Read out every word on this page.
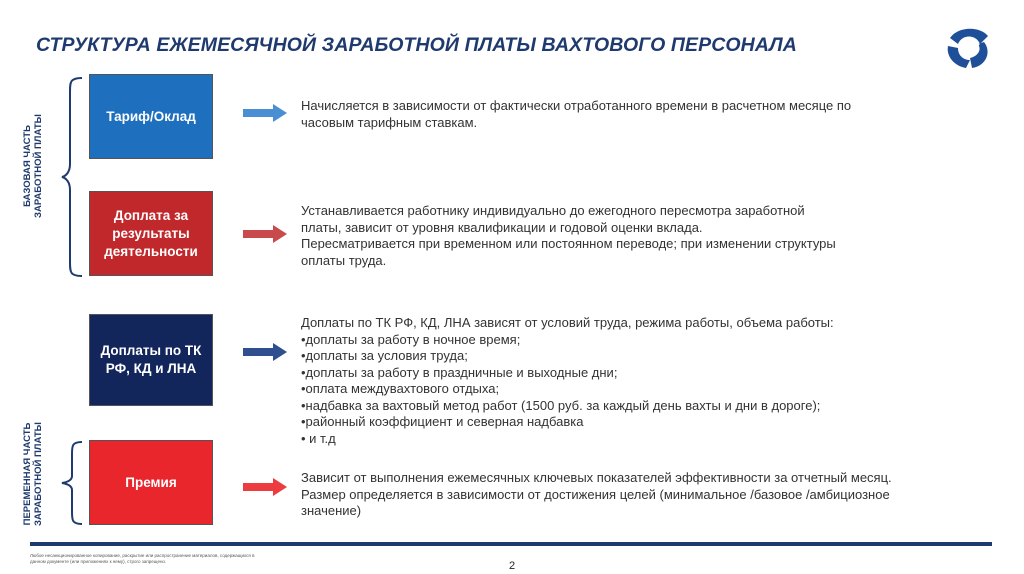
СТРУКТУРА ЕЖЕМЕСЯЧНОЙ ЗАРАБОТНОЙ ПЛАТЫ ВАХТОВОГО ПЕРСОНАЛА
БАЗОВАЯ ЧАСТЬ ЗАРАБОТНОЙ ПЛАТЫ
ПЕРЕМЕННАЯ ЧАСТЬ ЗАРАБОТНОЙ ПЛАТЫ
Тариф/Оклад
Доплата за результаты деятельности
Доплаты по ТК РФ, КД и ЛНА
Премия

Начисляется в зависимости от фактически отработанного времени в расчетном месяце по

часовым тарифным ставкам.

Устанавливается работнику индивидуально до ежегодного пересмотра заработной

платы, зависит от уровня квалификации и годовой оценки вклада.

Пересматривается при временном или постоянном переводе; при изменении структуры

оплаты труда.

Доплаты по ТК РФ, КД, ЛНА зависят от условий труда, режима работы, объема работы:

•доплаты за работу в ночное время;

•доплаты за условия труда;

•доплаты за работу в праздничные и выходные дни;

•оплата междувахтового отдыха;

•надбавка за вахтовый метод работ (1500 руб. за каждый день вахты и дни в дороге);

•районный коэффициент и северная надбавка

• и т.д

Зависит от выполнения ежемесячных ключевых показателей эффективности за отчетный месяц.

Размер определяется в зависимости от достижения целей (минимальное /базовое /амбициозное

значение)

Любое несанкционированное копирование, раскрытие или распространение материалов, содержащихся в данном документе (или приложениях к нему), строго запрещено.	2
